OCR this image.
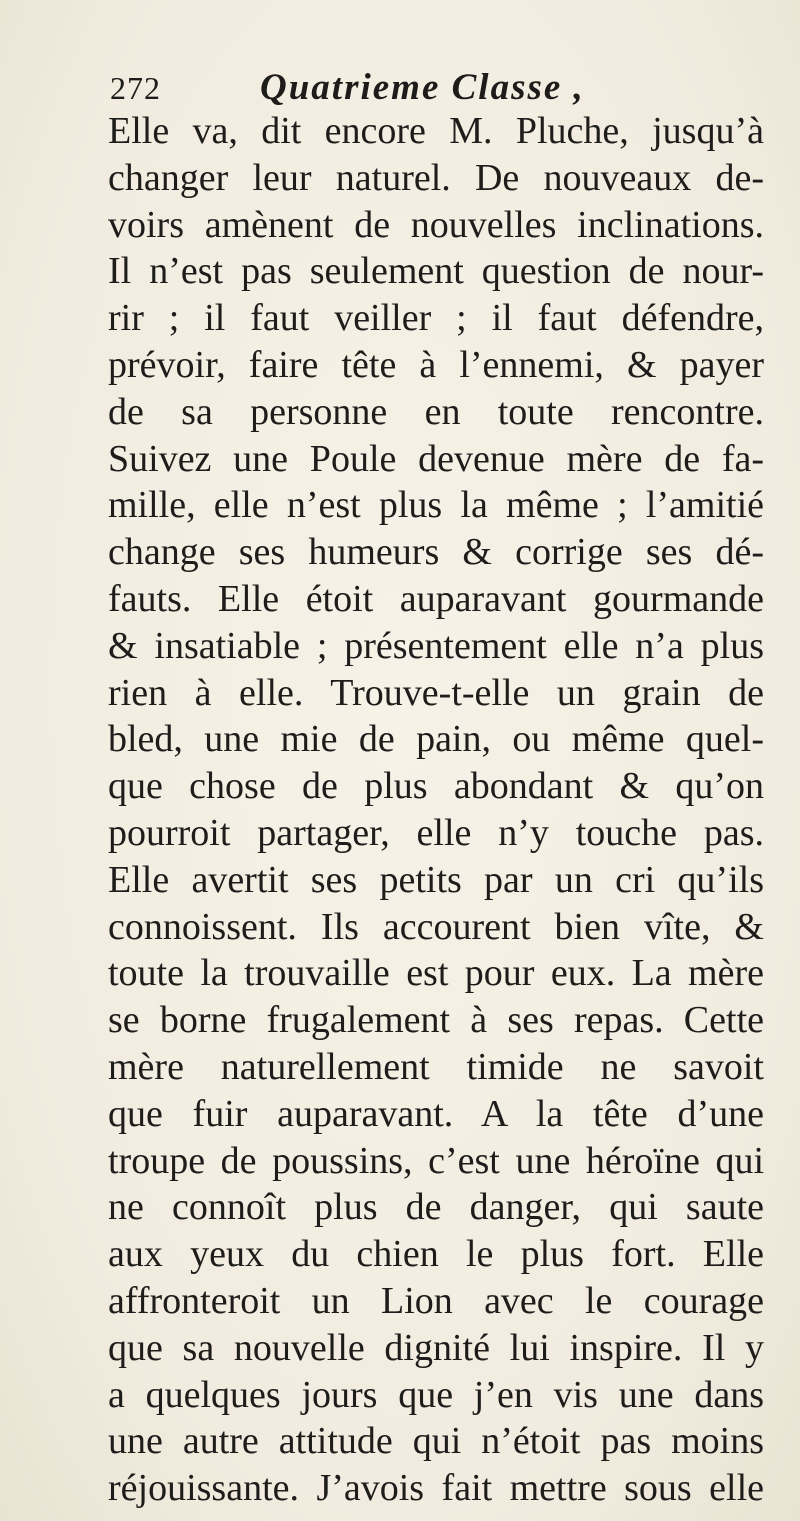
272	Quatrieme Classe ,
Elle va, dit encore M. Pluche, jusqu’à
changer leur naturel. De nouveaux de-
voirs amènent de nouvelles inclinations.
Il n’est pas seulement question de nour-
rir ; il faut veiller ; il faut défendre,
prévoir, faire tête à l’ennemi, & payer
de sa personne en toute rencontre.
Suivez une Poule devenue mère de fa-
mille, elle n’est plus la même ; l’amitié
change ses humeurs & corrige ses dé-
fauts. Elle étoit auparavant gourmande
& insatiable ; présentement elle n’a plus
rien à elle. Trouve-t-elle un grain de
bled, une mie de pain, ou même quel-
que chose de plus abondant & qu’on
pourroit partager, elle n’y touche pas.
Elle avertit ses petits par un cri qu’ils
connoissent. Ils accourent bien vîte, &
toute la trouvaille est pour eux. La mère
se borne frugalement à ses repas. Cette
mère naturellement timide ne savoit
que fuir auparavant. A la tête d’une
troupe de poussins, c’est une héroïne qui
ne connoît plus de danger, qui saute
aux yeux du chien le plus fort. Elle
affronteroit un Lion avec le courage
que sa nouvelle dignité lui inspire. Il y
a quelques jours que j’en vis une dans
une autre attitude qui n’étoit pas moins
réjouissante. J’avois fait mettre sous elle
